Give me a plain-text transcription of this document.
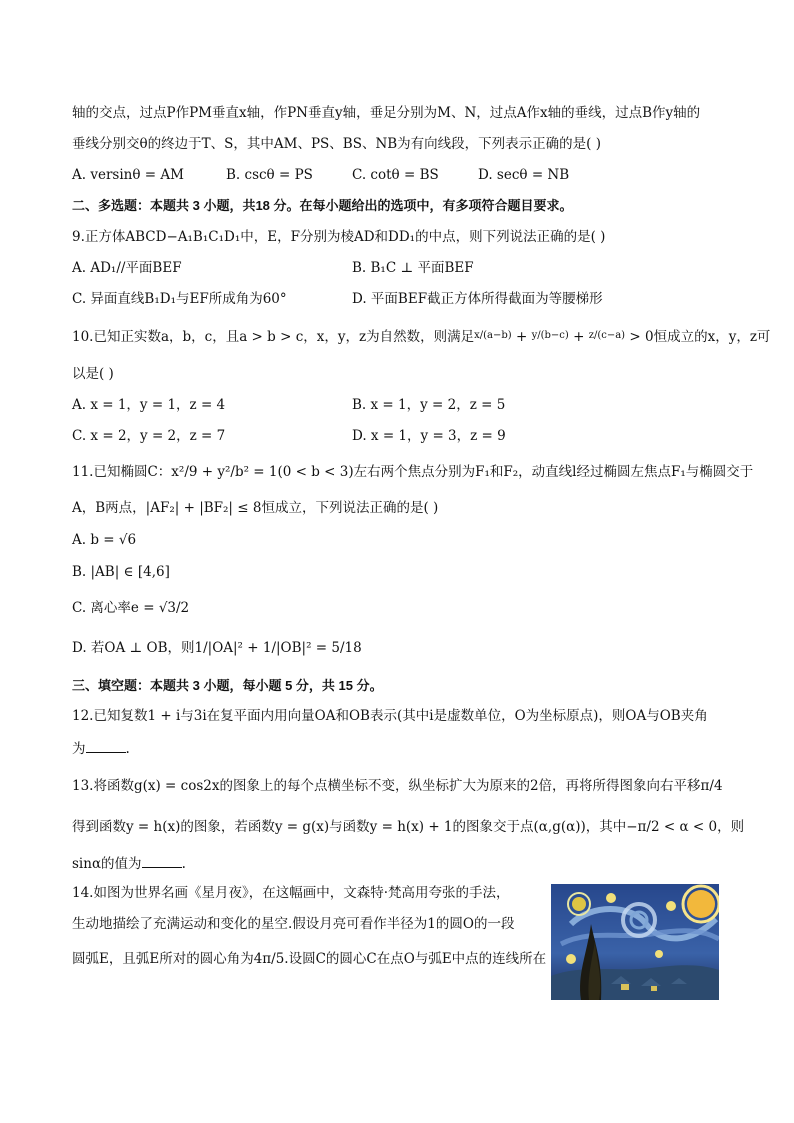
轴的交点，过点P作PM垂直x轴，作PN垂直y轴，垂足分别为M、N，过点A作x轴的垂线，过点B作y轴的
垂线分别交θ的终边于T、S，其中AM、PS、BS、NB为有向线段，下列表示正确的是( )
A. versinθ = AM	B. cscθ = PS	C. cotθ = BS	D. secθ = NB
二、多选题：本题共 3 小题，共18 分。在每小题给出的选项中，有多项符合题目要求。
9.正方体ABCD−A₁B₁C₁D₁中，E，F分别为棱AD和DD₁的中点，则下列说法正确的是( )
A. AD₁//平面BEF	B. B₁C ⊥ 平面BEF
C. 异面直线B₁D₁与EF所成角为60°	D. 平面BEF截正方体所得截面为等腰梯形
10.已知正实数a，b，c，且a > b > c，x，y，z为自然数，则满足$^{x/(a-b)}$ + $^{y/(b-c)}$ + $^{z/(c-a)}$ > 0恒成立的x，y，z可
以是( )
A. x = 1，y = 1，z = 4	B. x = 1，y = 2，z = 5
C. x = 2，y = 2，z = 7	D. x = 1，y = 3，z = 9
11.已知椭圆C：x²/9 + y²/b² = 1(0 < b < 3)左右两个焦点分别为F₁和F₂，动直线l经过椭圆左焦点F₁与椭圆交于
A，B两点，|AF₂| + |BF₂| ≤ 8恒成立，下列说法正确的是( )
A. b = √6
B. |AB| ∈ [4,6]
C. 离心率e = √3/2
D. 若OA ⊥ OB，则1/|OA|² + 1/|OB|² = 5/18
三、填空题：本题共 3 小题，每小题 5 分，共 15 分。
12.已知复数1 + i与3i在复平面内用向量OA和OB表示(其中i是虚数单位，O为坐标原点)，则OA与OB夹角
为	.
13.将函数g(x) = cos2x的图象上的每个点横坐标不变，纵坐标扩大为原来的2倍，再将所得图象向右平移π/4
得到函数y = h(x)的图象，若函数y = g(x)与函数y = h(x) + 1的图象交于点(α,g(α))，其中−π/2 < α < 0，则
sinα的值为	.
14.如图为世界名画《星月夜》，在这幅画中，文森特·梵高用夸张的手法，
生动地描绘了充满运动和变化的星空.假设月亮可看作半径为1的圆O的一段
圆弧E，且弧E所对的圆心角为4π/5.设圆C的圆心C在点O与弧E中点的连线所在
